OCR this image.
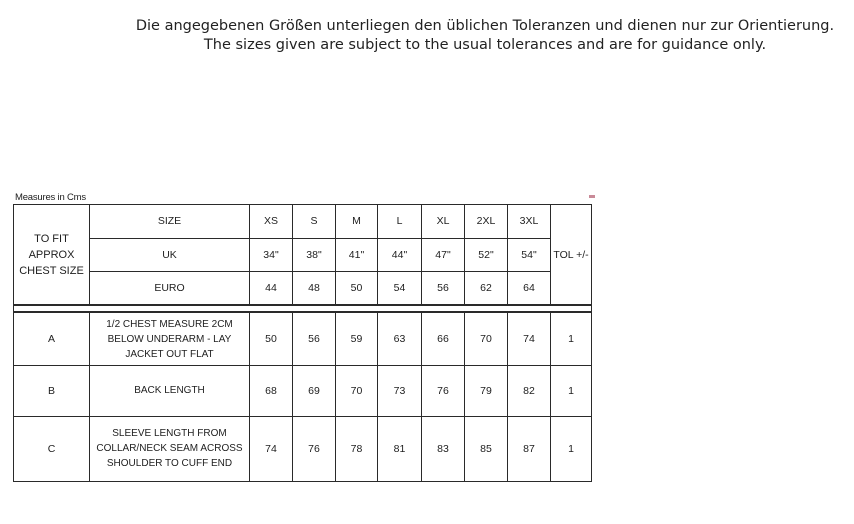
Die angegebenen Größen unterliegen den üblichen Toleranzen und dienen nur zur Orientierung.
The sizes given are subject to the usual tolerances and are for guidance only.
Measures in Cms
TO FIT APPROX CHEST SIZE	SIZE	XS	S	M	L	XL	2XL	3XL	TOL +/-
	UK	34"	38"	41"	44"	47"	52"	54"	
	EURO	44	48	50	54	56	62	64	

A	1/2 CHEST MEASURE 2CM BELOW UNDERARM - LAY JACKET OUT FLAT	50	56	59	63	66	70	74	1
B	BACK LENGTH	68	69	70	73	76	79	82	1
C	SLEEVE LENGTH FROM COLLAR/NECK SEAM ACROSS SHOULDER TO CUFF END	74	76	78	81	83	85	87	1
